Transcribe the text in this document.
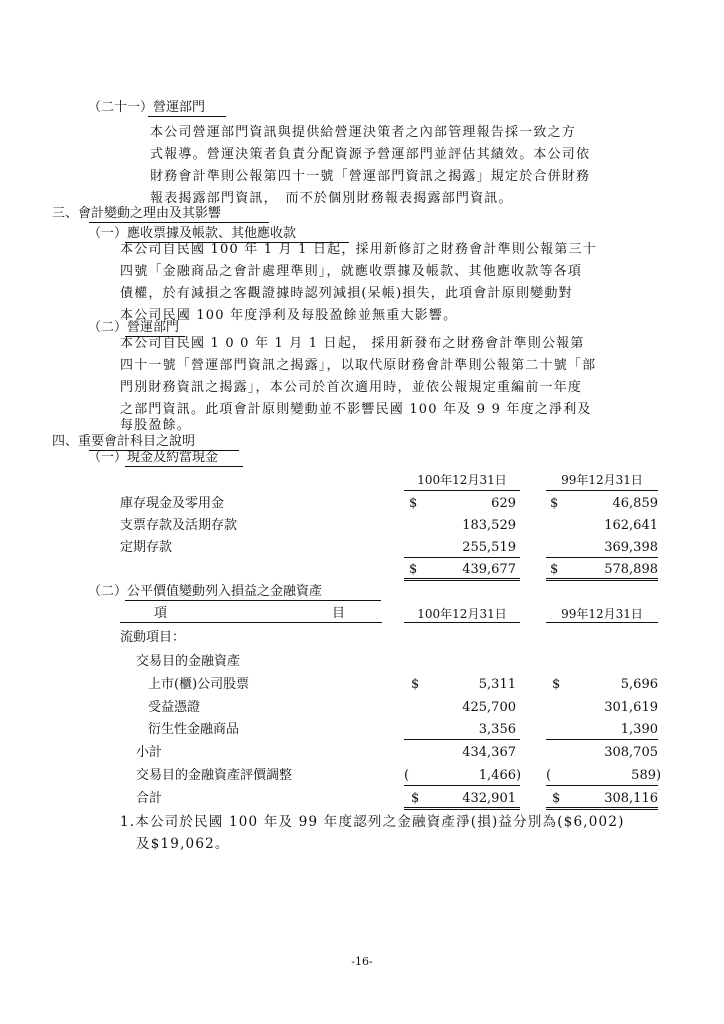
（二十一）營運部門
本公司營運部門資訊與提供給營運決策者之內部管理報告採一致之方
式報導。營運決策者負責分配資源予營運部門並評估其績效。本公司依
財務會計準則公報第四十一號「營運部門資訊之揭露」規定於合併財務
報表揭露部門資訊，　而不於個別財務報表揭露部門資訊。
三、會計變動之理由及其影響
（一）應收票據及帳款、其他應收款
本公司自民國 100 年 1 月 1 日起，採用新修訂之財務會計準則公報第三十
四號「金融商品之會計處理準則」，就應收票據及帳款、其他應收款等各項
債權，於有減損之客觀證據時認列減損(呆帳)損失，此項會計原則變動對
本公司民國 100 年度淨利及每股盈餘並無重大影響。
（二）營運部門
本公司自民國 1 0 0 年 1 月 1 日起， 採用新發布之財務會計準則公報第
四十一號「營運部門資訊之揭露」，以取代原財務會計準則公報第二十號「部
門別財務資訊之揭露」，本公司於首次適用時，並依公報規定重編前一年度
之部門資訊。此項會計原則變動並不影響民國 100 年及 9 9 年度之淨利及
每股盈餘。
四、重要會計科目之說明
（一）現金及約當現金
100年12月31日	99年12月31日
庫存現金及零用金	$	629	$	46,859
支票存款及活期存款	183,529	162,641
定期存款	255,519	369,398
$	439,677	$	578,898
（二）公平價值變動列入損益之金融資產
項	目	100年12月31日	99年12月31日
流動項目：
交易目的金融資產
上市(櫃)公司股票	$	5,311	$	5,696
受益憑證	425,700	301,619
衍生性金融商品	3,356	1,390
小計	434,367	308,705
交易目的金融資產評價調整	(	1,466 ) (	589 )
合計	$	432,901	$	308,116
1.本公司於民國 100 年及 99 年度認列之金融資產淨(損)益分別為($6,002)
及$19,062。
-16-
